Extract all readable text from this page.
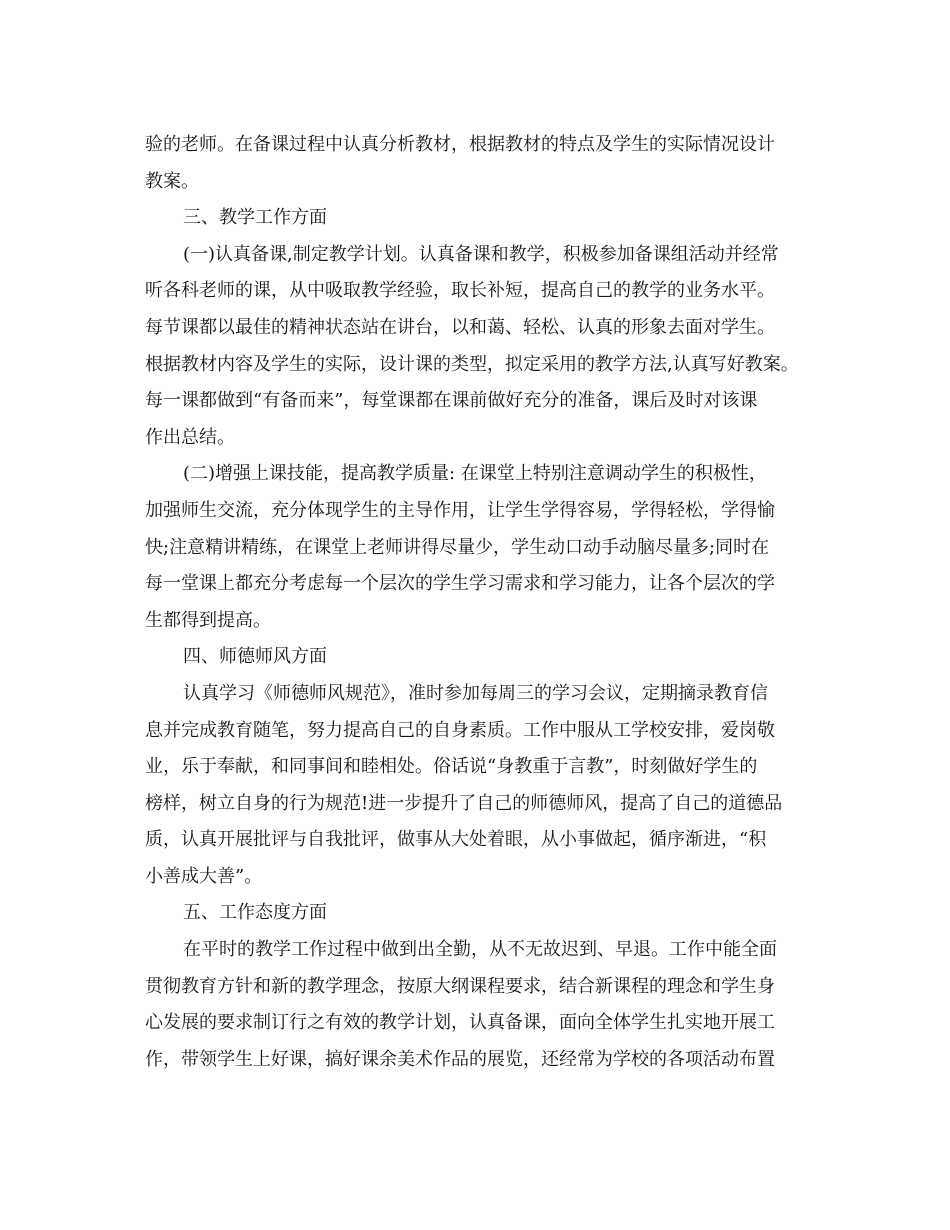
验的老师。在备课过程中认真分析教材，根据教材的特点及学生的实际情况设计
教案。
三、教学工作方面
(一)认真备课,制定教学计划。认真备课和教学，积极参加备课组活动并经常
听各科老师的课，从中吸取教学经验，取长补短，提高自己的教学的业务水平。
每节课都以最佳的精神状态站在讲台，以和蔼、轻松、认真的形象去面对学生。
根据教材内容及学生的实际，设计课的类型，拟定采用的教学方法,认真写好教案。
每一课都做到“有备而来”，每堂课都在课前做好充分的准备，课后及时对该课
作出总结。
(二)增强上课技能，提高教学质量: 在课堂上特别注意调动学生的积极性，
加强师生交流，充分体现学生的主导作用，让学生学得容易，学得轻松，学得愉
快;注意精讲精练，在课堂上老师讲得尽量少，学生动口动手动脑尽量多;同时在
每一堂课上都充分考虑每一个层次的学生学习需求和学习能力，让各个层次的学
生都得到提高。
四、师德师风方面
认真学习《师德师风规范》，准时参加每周三的学习会议，定期摘录教育信
息并完成教育随笔，努力提高自己的自身素质。工作中服从工学校安排，爱岗敬
业，乐于奉献，和同事间和睦相处。俗话说“身教重于言教”，时刻做好学生的
榜样，树立自身的行为规范!进一步提升了自己的师德师风，提高了自己的道德品
质，认真开展批评与自我批评，做事从大处着眼，从小事做起，循序渐进，“积
小善成大善”。
五、工作态度方面
在平时的教学工作过程中做到出全勤，从不无故迟到、早退。工作中能全面
贯彻教育方针和新的教学理念，按原大纲课程要求，结合新课程的理念和学生身
心发展的要求制订行之有效的教学计划，认真备课，面向全体学生扎实地开展工
作，带领学生上好课，搞好课余美术作品的展览，还经常为学校的各项活动布置
